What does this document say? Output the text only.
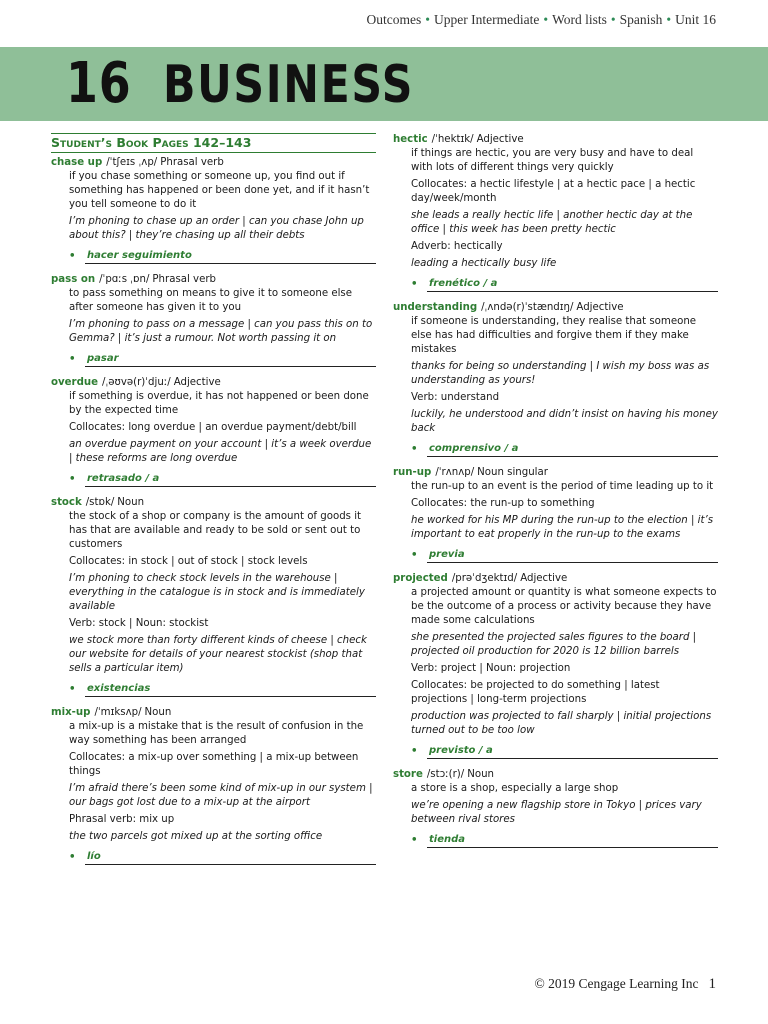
Outcomes • Upper Intermediate • Word lists • Spanish • Unit 16
16 BUSINESS
Student’s Book Pages 142–143
chase up /ˈtʃeɪs ˌʌp/ Phrasal verb
if you chase something or someone up, you find out if something has happened or been done yet, and if it hasn’t you tell someone to do it
I’m phoning to chase up an order | can you chase John up about this? | they’re chasing up all their debts
•	hacer seguimiento
pass on /ˈpɑːs ˌɒn/ Phrasal verb
to pass something on means to give it to someone else after someone has given it to you
I’m phoning to pass on a message | can you pass this on to Gemma? | it’s just a rumour. Not worth passing it on
•	pasar
overdue /ˌəʊvə(r)ˈdjuː/ Adjective
if something is overdue, it has not happened or been done by the expected time
Collocates: long overdue | an overdue payment/debt/bill
an overdue payment on your account | it’s a week overdue | these reforms are long overdue
•	retrasado / a
stock /stɒk/ Noun
the stock of a shop or company is the amount of goods it has that are available and ready to be sold or sent out to customers
Collocates: in stock | out of stock | stock levels
I’m phoning to check stock levels in the warehouse | everything in the catalogue is in stock and is immediately available
Verb: stock | Noun: stockist
we stock more than forty different kinds of cheese | check our website for details of your nearest stockist (shop that sells a particular item)
•	existencias
mix-up /ˈmɪksʌp/ Noun
a mix-up is a mistake that is the result of confusion in the way something has been arranged
Collocates: a mix-up over something | a mix-up between things
I’m afraid there’s been some kind of mix-up in our system | our bags got lost due to a mix-up at the airport
Phrasal verb: mix up
the two parcels got mixed up at the sorting office
•	lío
hectic /ˈhektɪk/ Adjective
if things are hectic, you are very busy and have to deal with lots of different things very quickly
Collocates: a hectic lifestyle | at a hectic pace | a hectic day/week/month
she leads a really hectic life | another hectic day at the office | this week has been pretty hectic
Adverb: hectically
leading a hectically busy life
•	frenético / a
understanding /ˌʌndə(r)ˈstændɪŋ/ Adjective
if someone is understanding, they realise that someone else has had difficulties and forgive them if they make mistakes
thanks for being so understanding | I wish my boss was as understanding as yours!
Verb: understand
luckily, he understood and didn’t insist on having his money back
•	comprensivo / a
run-up /ˈrʌnʌp/ Noun singular
the run-up to an event is the period of time leading up to it
Collocates: the run-up to something
he worked for his MP during the run-up to the election | it’s important to eat properly in the run-up to the exams
•	previa
projected /prəˈdʒektɪd/ Adjective
a projected amount or quantity is what someone expects to be the outcome of a process or activity because they have made some calculations
she presented the projected sales figures to the board | projected oil production for 2020 is 12 billion barrels
Verb: project | Noun: projection
Collocates: be projected to do something | latest projections | long-term projections
production was projected to fall sharply | initial projections turned out to be too low
•	previsto / a
store /stɔː(r)/ Noun
a store is a shop, especially a large shop
we’re opening a new flagship store in Tokyo | prices vary between rival stores
•	tienda
© 2019 Cengage Learning Inc 1
